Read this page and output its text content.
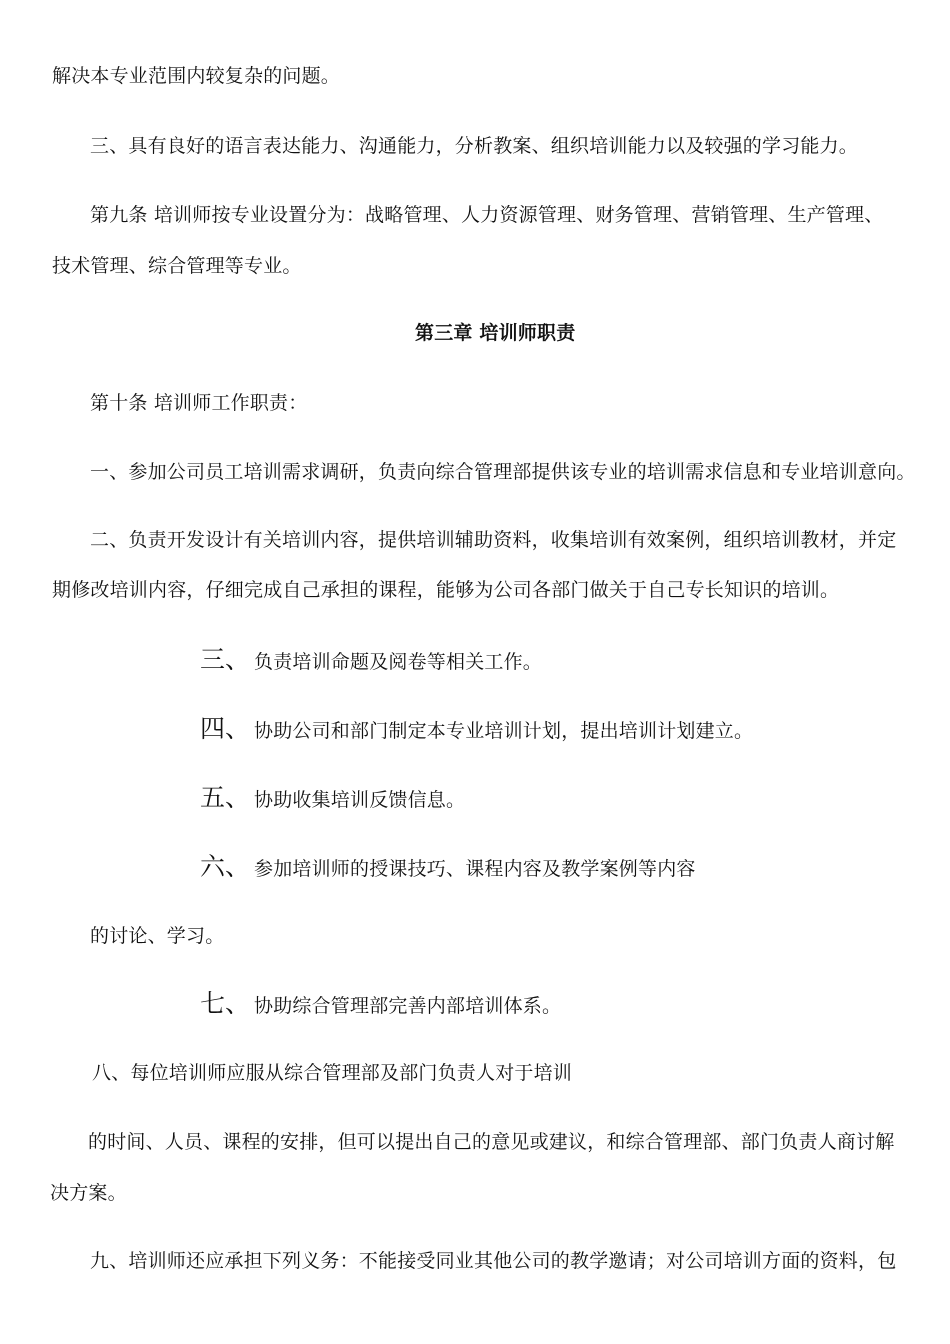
解决本专业范围内较复杂的问题。
三、具有良好的语言表达能力、沟通能力，分析教案、组织培训能力以及较强的学习能力。
第九条 培训师按专业设置分为：战略管理、人力资源管理、财务管理、营销管理、生产管理、
技术管理、综合管理等专业。
第三章 培训师职责
第十条 培训师工作职责：
一、参加公司员工培训需求调研，负责向综合管理部提供该专业的培训需求信息和专业培训意向。
二、负责开发设计有关培训内容，提供培训辅助资料，收集培训有效案例，组织培训教材，并定
期修改培训内容，仔细完成自己承担的课程，能够为公司各部门做关于自己专长知识的培训。
三、 负责培训命题及阅卷等相关工作。
四、 协助公司和部门制定本专业培训计划，提出培训计划建立。
五、 协助收集培训反馈信息。
六、 参加培训师的授课技巧、课程内容及教学案例等内容
的讨论、学习。
七、 协助综合管理部完善内部培训体系。
八、每位培训师应服从综合管理部及部门负责人对于培训
的时间、人员、课程的安排，但可以提出自己的意见或建议，和综合管理部、部门负责人商讨解
决方案。
九、培训师还应承担下列义务：不能接受同业其他公司的教学邀请；对公司培训方面的资料，包
